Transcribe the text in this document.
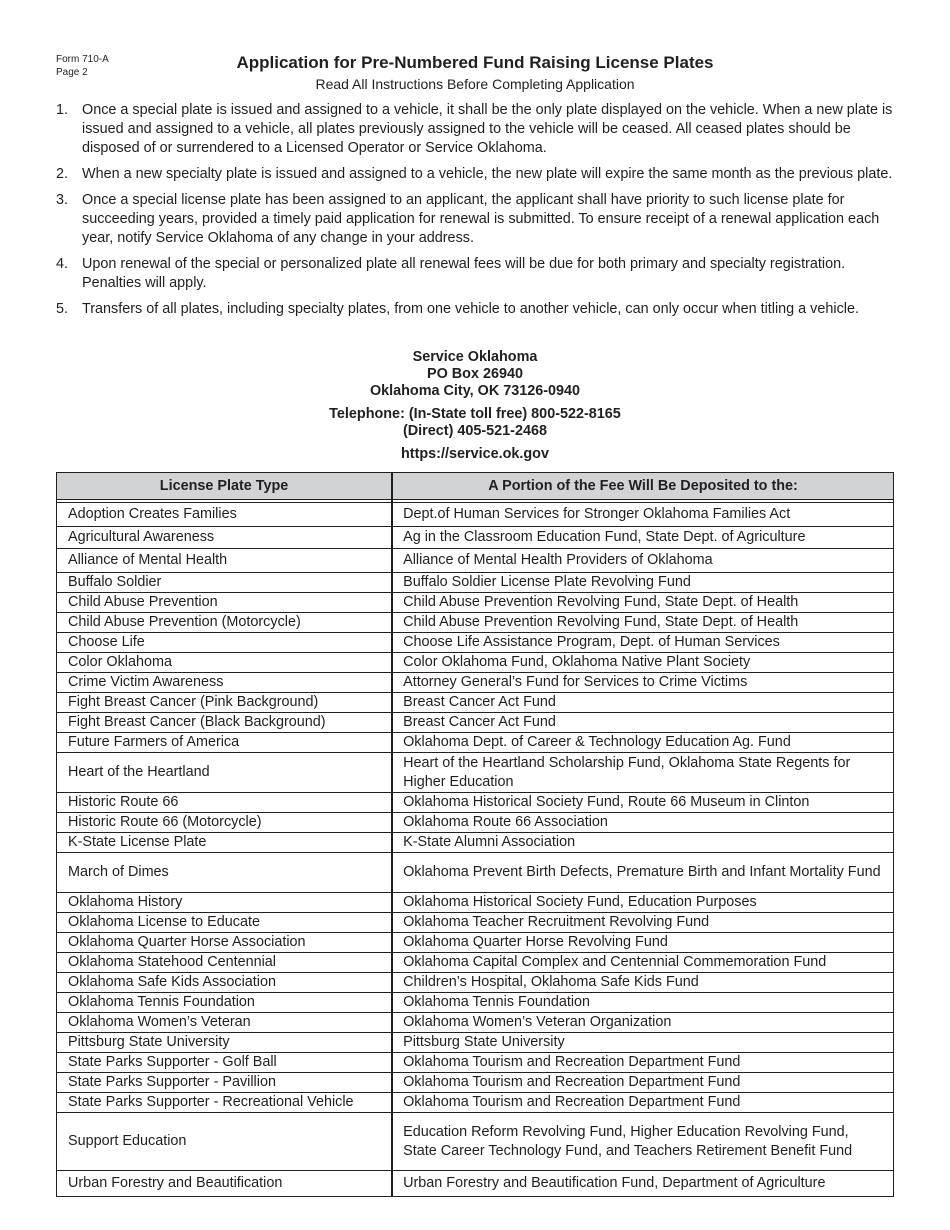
Form 710-A
Page 2
Application for Pre-Numbered Fund Raising License Plates
Read All Instructions Before Completing Application
1. Once a special plate is issued and assigned to a vehicle, it shall be the only plate displayed on the vehicle. When a new plate is issued and assigned to a vehicle, all plates previously assigned to the vehicle will be ceased. All ceased plates should be disposed of or surrendered to a Licensed Operator or Service Oklahoma.
2. When a new specialty plate is issued and assigned to a vehicle, the new plate will expire the same month as the previous plate.
3. Once a special license plate has been assigned to an applicant, the applicant shall have priority to such license plate for succeeding years, provided a timely paid application for renewal is submitted. To ensure receipt of a renewal application each year, notify Service Oklahoma of any change in your address.
4. Upon renewal of the special or personalized plate all renewal fees will be due for both primary and specialty registration. Penalties will apply.
5. Transfers of all plates, including specialty plates, from one vehicle to another vehicle, can only occur when titling a vehicle.
Service Oklahoma
PO Box 26940
Oklahoma City, OK 73126-0940
Telephone: (In-State toll free) 800-522-8165
(Direct) 405-521-2468
https://service.ok.gov
License Plate Type	A Portion of the Fee Will Be Deposited to the:

Adoption Creates Families	Dept.of Human Services for Stronger Oklahoma Families Act
Agricultural Awareness	Ag in the Classroom Education Fund, State Dept. of Agriculture
Alliance of Mental Health	Alliance of Mental Health Providers of Oklahoma
Buffalo Soldier	Buffalo Soldier License Plate Revolving Fund
Child Abuse Prevention	Child Abuse Prevention Revolving Fund, State Dept. of Health
Child Abuse Prevention (Motorcycle)	Child Abuse Prevention Revolving Fund, State Dept. of Health
Choose Life	Choose Life Assistance Program, Dept. of Human Services
Color Oklahoma	Color Oklahoma Fund, Oklahoma Native Plant Society
Crime Victim Awareness	Attorney General’s Fund for Services to Crime Victims
Fight Breast Cancer (Pink Background)	Breast Cancer Act Fund
Fight Breast Cancer (Black Background)	Breast Cancer Act Fund
Future Farmers of America	Oklahoma Dept. of Career & Technology Education Ag. Fund
Heart of the Heartland	Heart of the Heartland Scholarship Fund, Oklahoma State Regents for Higher Education
Historic Route 66	Oklahoma Historical Society Fund, Route 66 Museum in Clinton
Historic Route 66 (Motorcycle)	Oklahoma Route 66 Association
K-State License Plate	K-State Alumni Association
March of Dimes	Oklahoma Prevent Birth Defects, Premature Birth and Infant Mortality Fund
Oklahoma History	Oklahoma Historical Society Fund, Education Purposes
Oklahoma License to Educate	Oklahoma Teacher Recruitment Revolving Fund
Oklahoma Quarter Horse Association	Oklahoma Quarter Horse Revolving Fund
Oklahoma Statehood Centennial	Oklahoma Capital Complex and Centennial Commemoration Fund
Oklahoma Safe Kids Association	Children’s Hospital, Oklahoma Safe Kids Fund
Oklahoma Tennis Foundation	Oklahoma Tennis Foundation
Oklahoma Women’s Veteran	Oklahoma Women’s Veteran Organization
Pittsburg State University	Pittsburg State University
State Parks Supporter - Golf Ball	Oklahoma Tourism and Recreation Department Fund
State Parks Supporter - Pavillion	Oklahoma Tourism and Recreation Department Fund
State Parks Supporter - Recreational Vehicle	Oklahoma Tourism and Recreation Department Fund
Support Education	Education Reform Revolving Fund, Higher Education Revolving Fund, State Career Technology Fund, and Teachers Retirement Benefit Fund
Urban Forestry and Beautification	Urban Forestry and Beautification Fund, Department of Agriculture
